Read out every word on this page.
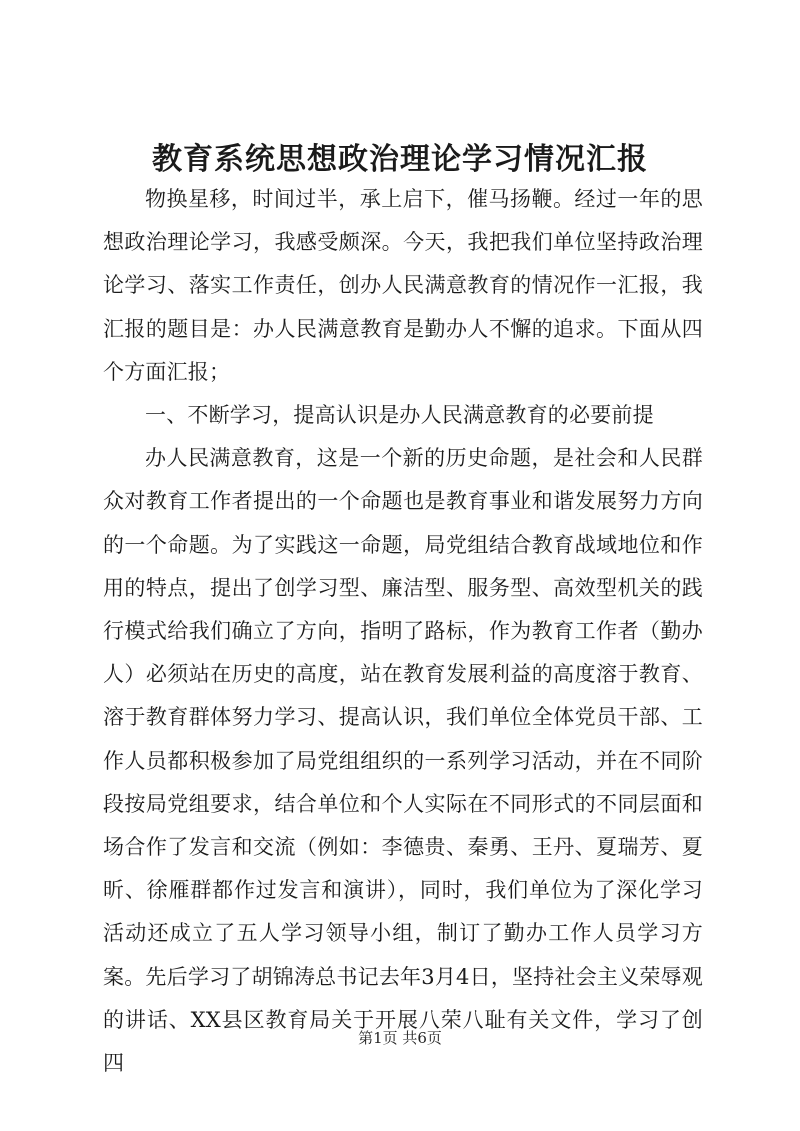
教育系统思想政治理论学习情况汇报

物换星移，时间过半，承上启下，催马扬鞭。经过一年的思想政治理论学习，我感受颇深。今天，我把我们单位坚持政治理论学习、落实工作责任，创办人民满意教育的情况作一汇报，我汇报的题目是：办人民满意教育是勤办人不懈的追求。下面从四个方面汇报；

一、不断学习，提高认识是办人民满意教育的必要前提

办人民满意教育，这是一个新的历史命题，是社会和人民群众对教育工作者提出的一个命题也是教育事业和谐发展努力方向的一个命题。为了实践这一命题，局党组结合教育战域地位和作用的特点，提出了创学习型、廉洁型、服务型、高效型机关的践行模式给我们确立了方向，指明了路标，作为教育工作者（勤办人）必须站在历史的高度，站在教育发展利益的高度溶于教育、溶于教育群体努力学习、提高认识，我们单位全体党员干部、工作人员都积极参加了局党组组织的一系列学习活动，并在不同阶段按局党组要求，结合单位和个人实际在不同形式的不同层面和场合作了发言和交流（例如：李德贵、秦勇、王丹、夏瑞芳、夏昕、徐雁群都作过发言和演讲），同时，我们单位为了深化学习活动还成立了五人学习领导小组，制订了勤办工作人员学习方案。先后学习了胡锦涛总书记去年3月4日，坚持社会主义荣辱观的讲话、XX县区教育局关于开展八荣八耻有关文件，学习了创四

第1页 共6页
